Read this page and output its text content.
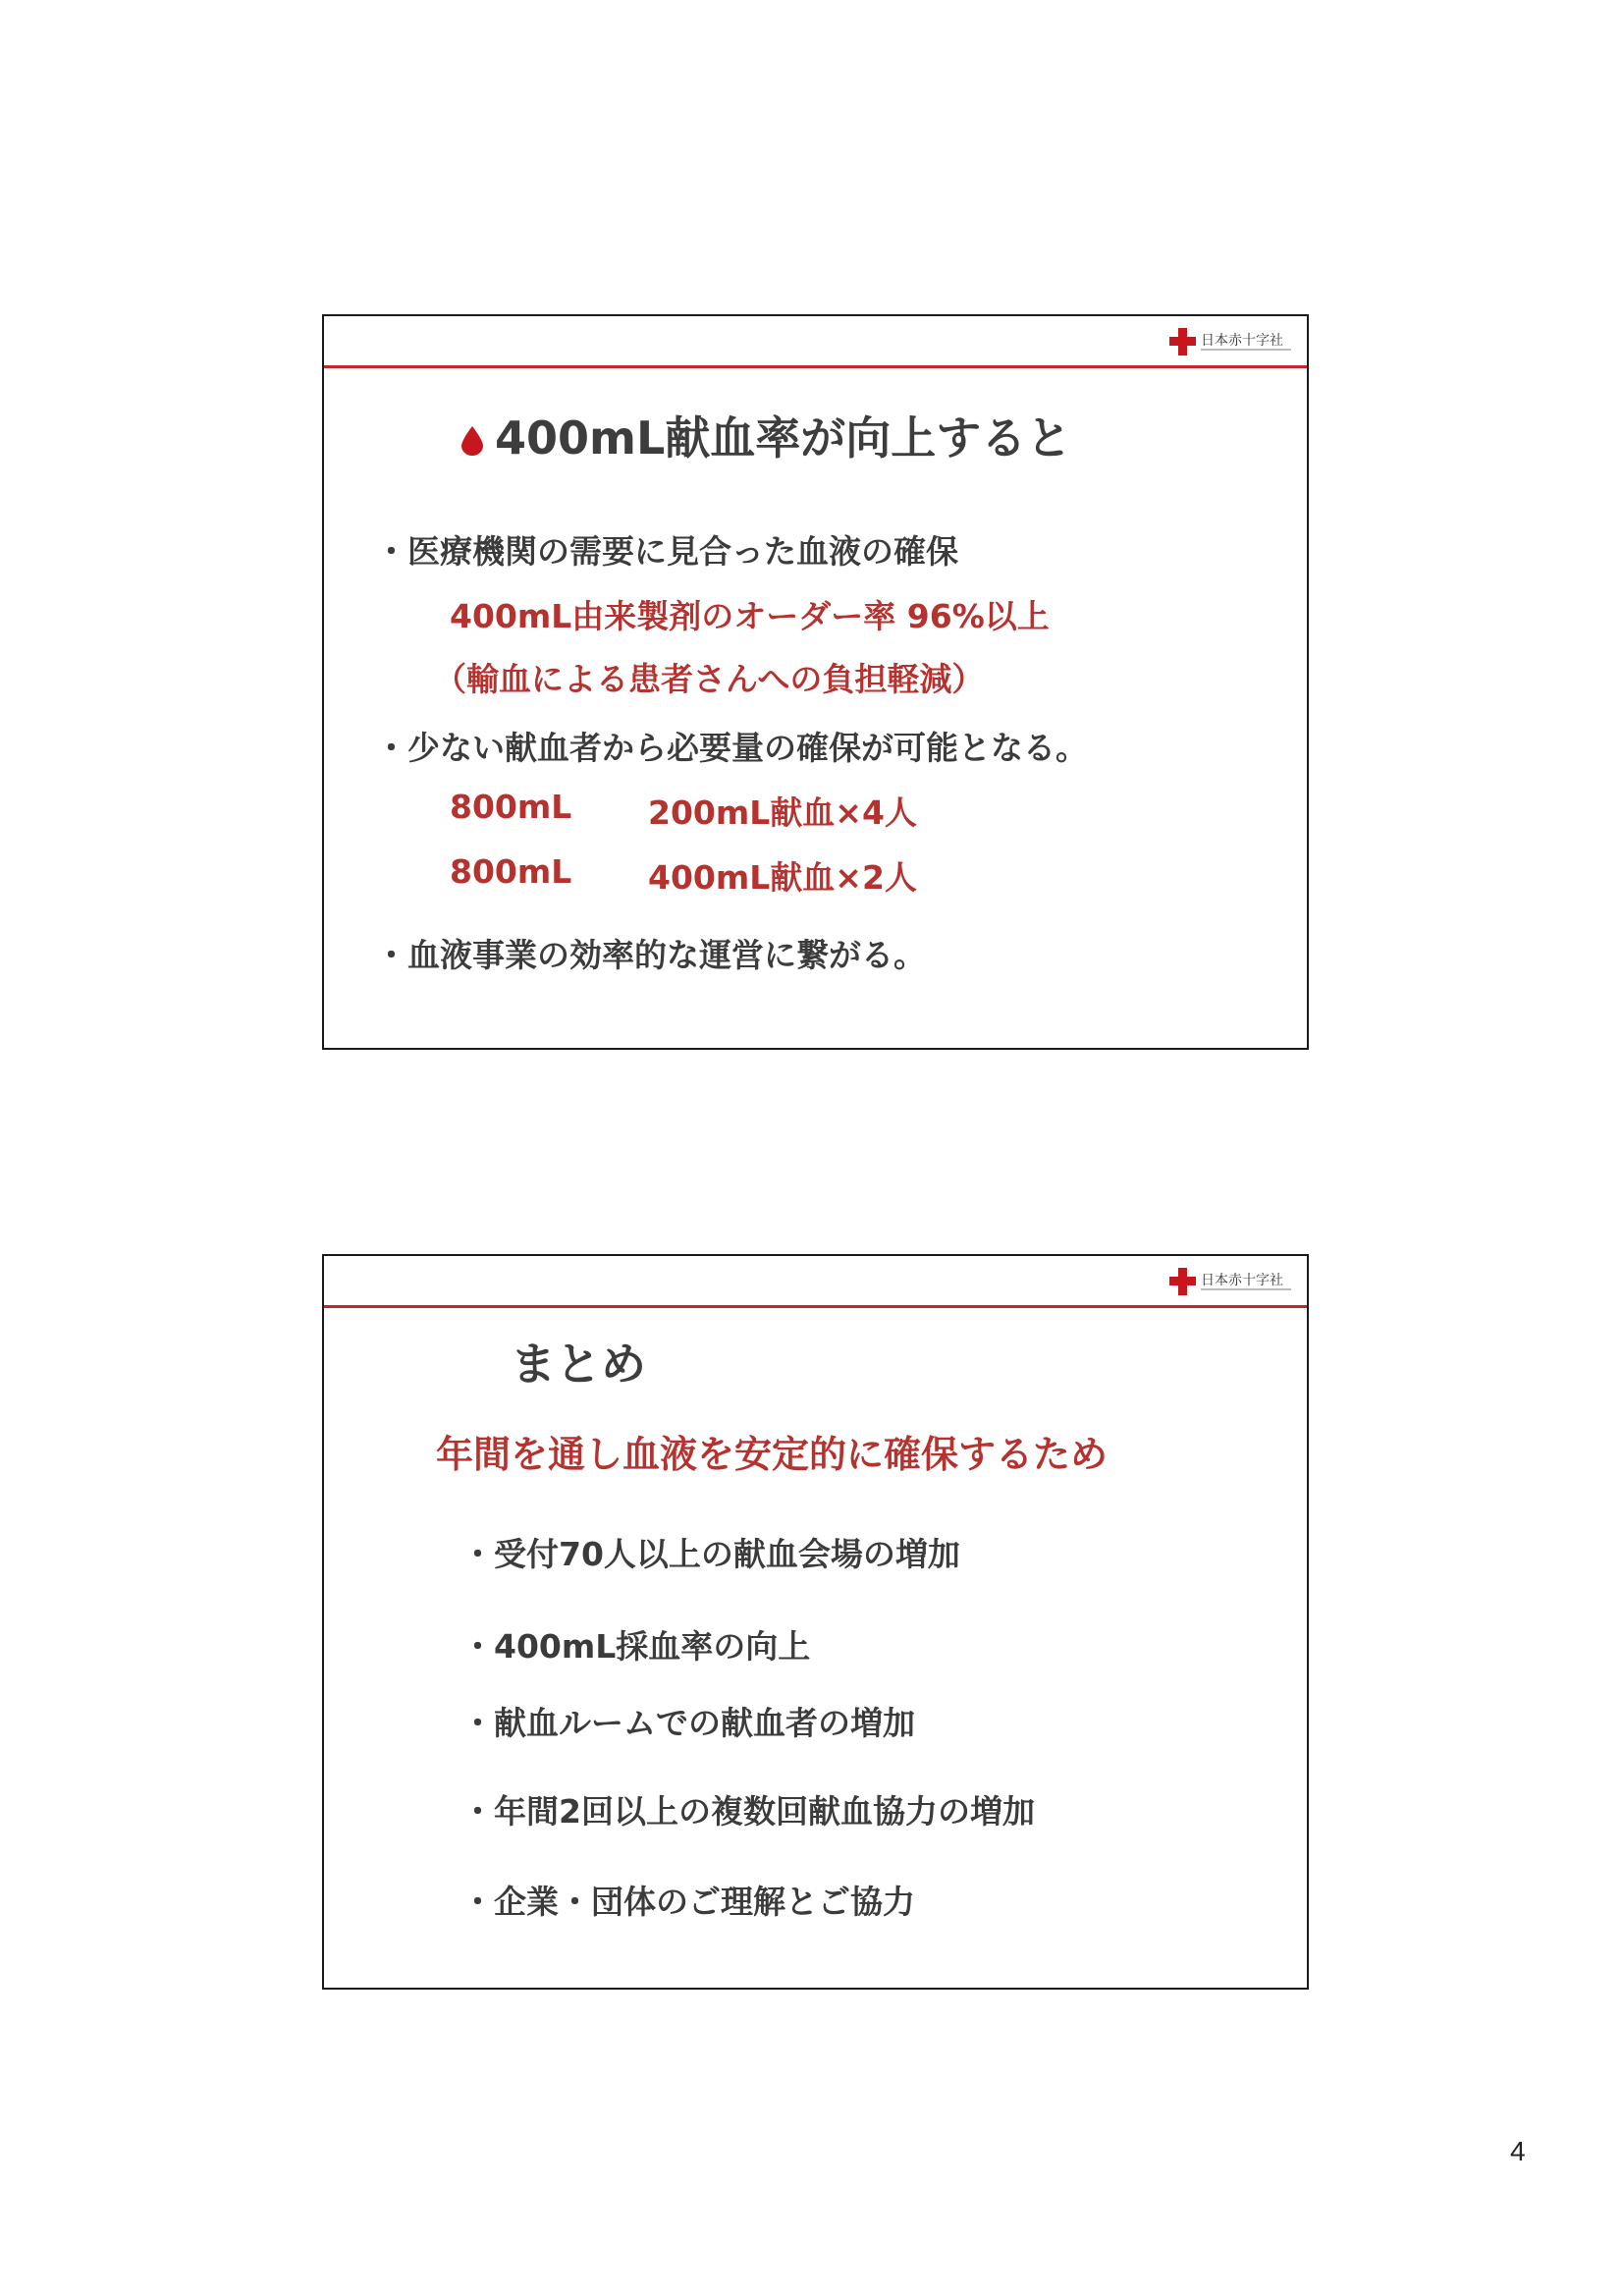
日本赤十字社
400mL献血率が向上すると
・医療機関の需要に見合った血液の確保
400mL由来製剤のオーダー率 96%以上
（輸血による患者さんへの負担軽減）
・少ない献血者から必要量の確保が可能となる。
800mL 200mL献血×4人
800mL 400mL献血×2人
・血液事業の効率的な運営に繋がる。
日本赤十字社
まとめ
年間を通し血液を安定的に確保するため
・受付70人以上の献血会場の増加
・400mL採血率の向上
・献血ルームでの献血者の増加
・年間2回以上の複数回献血協力の増加
・企業・団体のご理解とご協力
4
